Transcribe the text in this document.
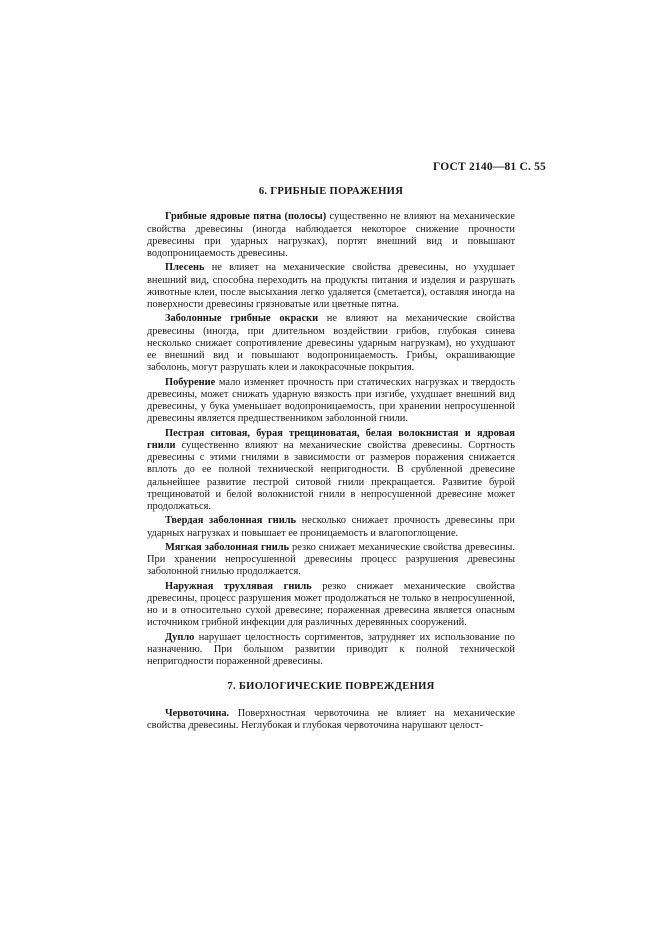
ГОСТ 2140—81 С. 55
6. ГРИБНЫЕ ПОРАЖЕНИЯ

Грибные ядровые пятна (полосы) существенно не влияют на механические свойства древесины (иногда наблюдается некоторое снижение прочности древесины при ударных нагрузках), портят внешний вид и повышают водопроницаемость древесины.

Плесень не влияет на механические свойства древесины, но ухудшает внешний вид, способна переходить на продукты питания и изделия и разрушать животные клеи, после высыхания легко удаляется (сметается), оставляя иногда на поверхности древесины грязноватые или цветные пятна.

Заболонные грибные окраски не влияют на механические свойства древесины (иногда, при длительном воздействии грибов, глубокая синева несколько снижает сопротивление древесины ударным нагрузкам), но ухудшают ее внешний вид и повышают водопроницаемость. Грибы, окрашивающие заболонь, могут разрушать клеи и лакокрасочные покрытия.

Побурение мало изменяет прочность при статических нагрузках и твердость древесины, может снижать ударную вязкость при изгибе, ухудшает внешний вид древесины, у бука уменьшает водопроницаемость, при хранении непросушенной древесины является предшественником заболонной гнили.

Пестрая ситовая, бурая трещиноватая, белая волокнистая и ядровая гнили существенно влияют на механические свойства древесины. Сортность древесины с этими гнилями в зависимости от размеров поражения снижается вплоть до ее полной технической непригодности. В срубленной древесине дальнейшее развитие пестрой ситовой гнили прекращается. Развитие бурой трещиноватой и белой волокнистой гнили в непросушенной древесине может продолжаться.

Твердая заболонная гниль несколько снижает прочность древесины при ударных нагрузках и повышает ее проницаемость и влагопоглощение.

Мягкая заболонная гниль резко снижает механические свойства древесины. При хранении непросушенной древесины процесс разрушения древесины заболонной гнилью продолжается.

Наружная трухлявая гниль резко снижает механические свойства древесины, процесс разрушения может продолжаться не только в непросушенной, но и в относительно сухой древесине; пораженная древесина является опасным источником грибной инфекции для различных деревянных сооружений.

Дупло нарушает целостность сортиментов, затрудняет их использование по назначению. При большом развитии приводит к полной технической непригодности пораженной древесины.

7. БИОЛОГИЧЕСКИЕ ПОВРЕЖДЕНИЯ

Червоточина. Поверхностная червоточина не влияет на механические свойства древесины. Неглубокая и глубокая червоточина нарушают целост-
